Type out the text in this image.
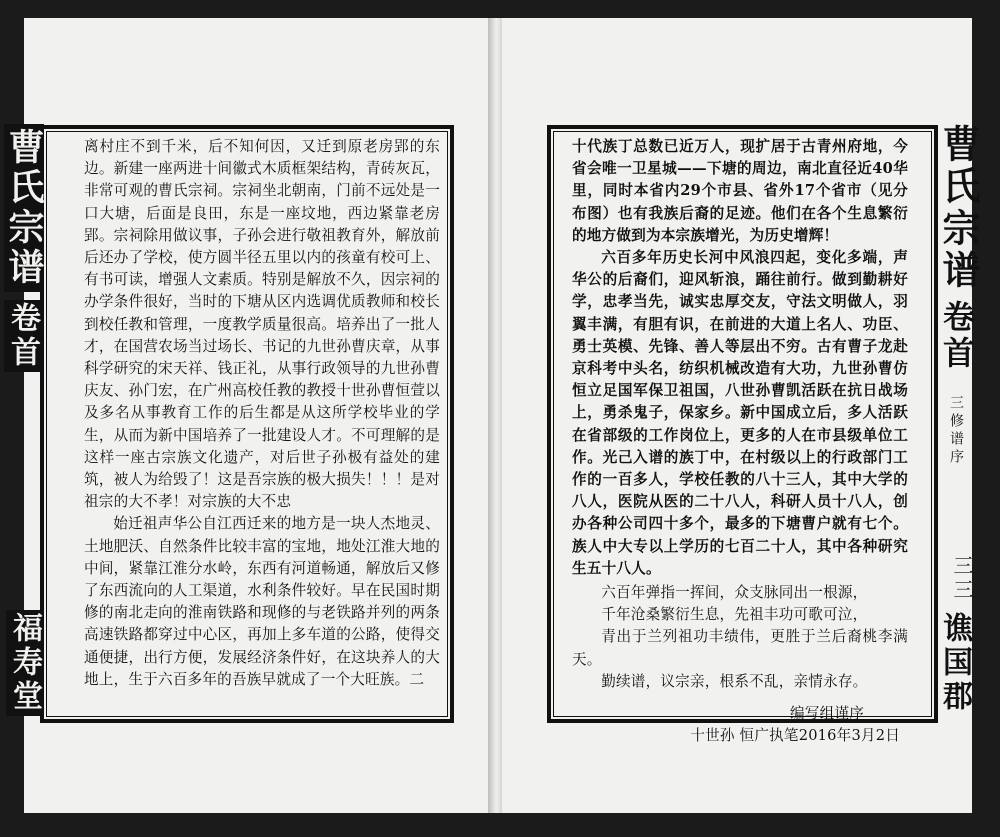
曹氏宗谱
卷首
福寿堂

离村庄不到千米，后不知何因，又迁到原老房郢的东边。新建一座两进十间徽式木质框架结构，青砖灰瓦，非常可观的曹氏宗祠。宗祠坐北朝南，门前不远处是一口大塘，后面是良田，东是一座坟地，西边紧靠老房郢。宗祠除用做议事，子孙会进行敬祖教育外，解放前后还办了学校，使方圆半径五里以内的孩童有校可上、有书可读，增强人文素质。特别是解放不久，因宗祠的办学条件很好，当时的下塘从区内选调优质教师和校长到校任教和管理，一度教学质量很高。培养出了一批人才，在国营农场当过场长、书记的九世孙曹庆章，从事科学研究的宋天祥、钱正礼，从事行政领导的九世孙曹庆友、孙门宏，在广州高校任教的教授十世孙曹恒萱以及多名从事教育工作的后生都是从这所学校毕业的学生，从而为新中国培养了一批建设人才。不可理解的是这样一座古宗族文化遗产，对后世子孙极有益处的建筑，被人为给毁了！这是吾宗族的极大损失！！！是对祖宗的大不孝！对宗族的大不忠

始迁祖声华公自江西迁来的地方是一块人杰地灵、土地肥沃、自然条件比较丰富的宝地，地处江淮大地的中间，紧靠江淮分水岭，东西有河道畅通，解放后又修了东西流向的人工渠道，水利条件较好。早在民国时期修的南北走向的淮南铁路和现修的与老铁路并列的两条高速铁路都穿过中心区，再加上多车道的公路，使得交通便捷，出行方便，发展经济条件好，在这块养人的大地上，生于六百多年的吾族早就成了一个大旺族。二

曹氏宗谱
卷首
三修谱序
三三
谯国郡

十代族丁总数已近万人，现扩居于古青州府地，今省会唯一卫星城——下塘的周边，南北直径近40华里，同时本省内29个市县、省外17个省市（见分布图）也有我族后裔的足迹。他们在各个生息繁衍的地方做到为本宗族增光，为历史增辉！

六百多年历史长河中风浪四起，变化多端，声华公的后裔们，迎风斩浪，踊往前行。做到勤耕好学，忠孝当先，诚实忠厚交友，守法文明做人，羽翼丰满，有胆有识，在前进的大道上名人、功臣、勇士英模、先锋、善人等层出不穷。古有曹子龙赴京科考中头名，纺织机械改造有大功，九世孙曹仿恒立足国军保卫祖国，八世孙曹凯活跃在抗日战场上，勇杀鬼子，保家乡。新中国成立后，多人活跃在省部级的工作岗位上，更多的人在市县级单位工作。光己入谱的族丁中，在村级以上的行政部门工作的一百多人，学校任教的八十三人，其中大学的八人，医院从医的二十八人，科研人员十八人，创办各种公司四十多个，最多的下塘曹户就有七个。族人中大专以上学历的七百二十人，其中各种研究生五十八人。

六百年弹指一挥间，众支脉同出一根源，

千年沧桑繁衍生息，先祖丰功可歌可泣，

青出于兰列祖功丰绩伟，更胜于兰后裔桃李满天。

勤续谱，议宗亲，根系不乱，亲情永存。

编写组谨序
十世孙 恒广执笔2016年3月2日
